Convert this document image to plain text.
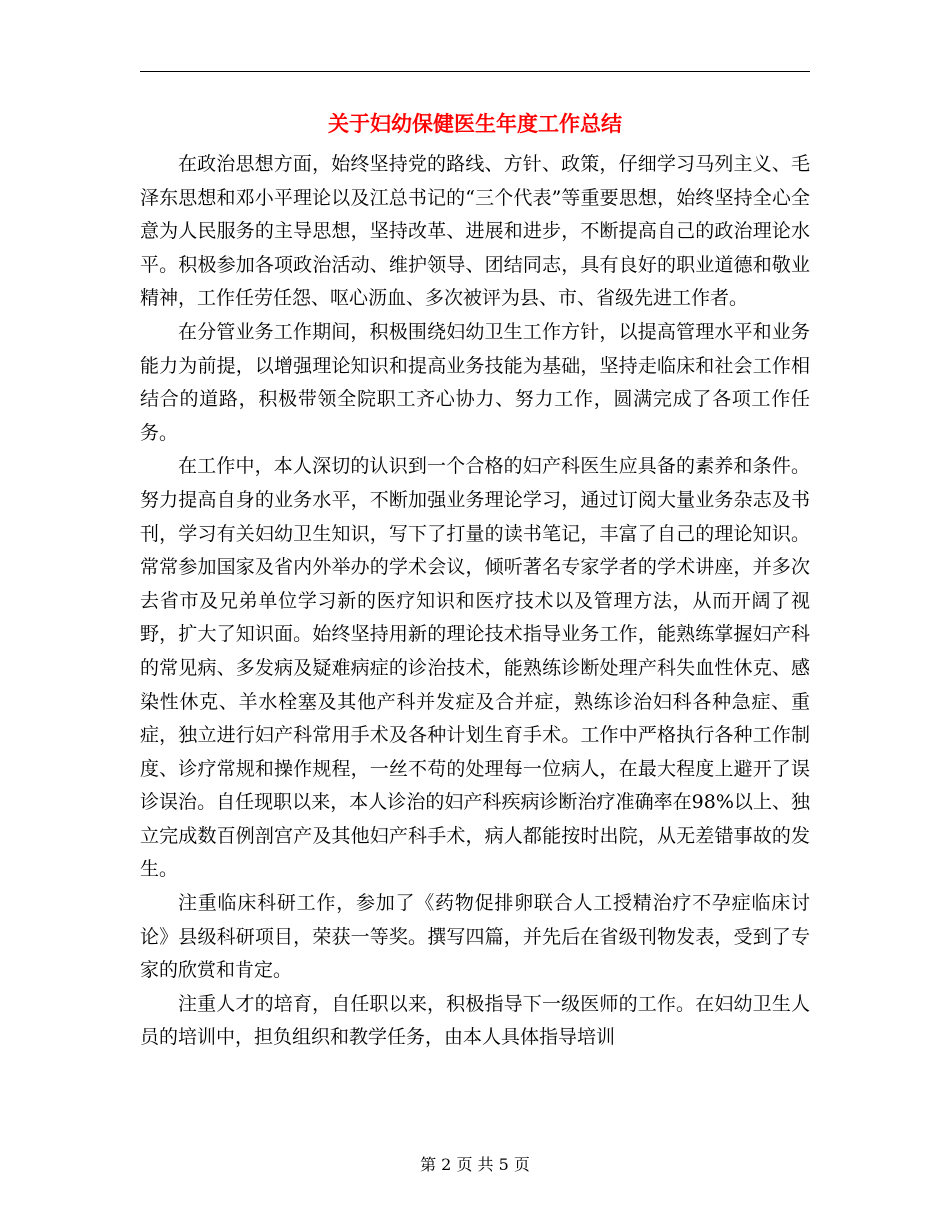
关于妇幼保健医生年度工作总结

在政治思想方面，始终坚持党的路线、方针、政策，仔细学习马列主义、毛泽东思想和邓小平理论以及江总书记的“三个代表”等重要思想，始终坚持全心全意为人民服务的主导思想，坚持改革、进展和进步，不断提高自己的政治理论水平。积极参加各项政治活动、维护领导、团结同志，具有良好的职业道德和敬业精神，工作任劳任怨、呕心沥血、多次被评为县、市、省级先进工作者。

在分管业务工作期间，积极围绕妇幼卫生工作方针，以提高管理水平和业务能力为前提，以增强理论知识和提高业务技能为基础，坚持走临床和社会工作相结合的道路，积极带领全院职工齐心协力、努力工作，圆满完成了各项工作任务。

在工作中，本人深切的认识到一个合格的妇产科医生应具备的素养和条件。努力提高自身的业务水平，不断加强业务理论学习，通过订阅大量业务杂志及书刊，学习有关妇幼卫生知识，写下了打量的读书笔记，丰富了自己的理论知识。常常参加国家及省内外举办的学术会议，倾听著名专家学者的学术讲座，并多次去省市及兄弟单位学习新的医疗知识和医疗技术以及管理方法，从而开阔了视野，扩大了知识面。始终坚持用新的理论技术指导业务工作，能熟练掌握妇产科的常见病、多发病及疑难病症的诊治技术，能熟练诊断处理产科失血性休克、感染性休克、羊水栓塞及其他产科并发症及合并症，熟练诊治妇科各种急症、重症，独立进行妇产科常用手术及各种计划生育手术。工作中严格执行各种工作制度、诊疗常规和操作规程，一丝不苟的处理每一位病人，在最大程度上避开了误诊误治。自任现职以来，本人诊治的妇产科疾病诊断治疗准确率在98%以上、独立完成数百例剖宫产及其他妇产科手术，病人都能按时出院，从无差错事故的发生。

注重临床科研工作，参加了《药物促排卵联合人工授精治疗不孕症临床讨论》县级科研项目，荣获一等奖。撰写四篇，并先后在省级刊物发表，受到了专家的欣赏和肯定。

注重人才的培育，自任职以来，积极指导下一级医师的工作。在妇幼卫生人员的培训中，担负组织和教学任务，由本人具体指导培训

第 2 页 共 5 页
